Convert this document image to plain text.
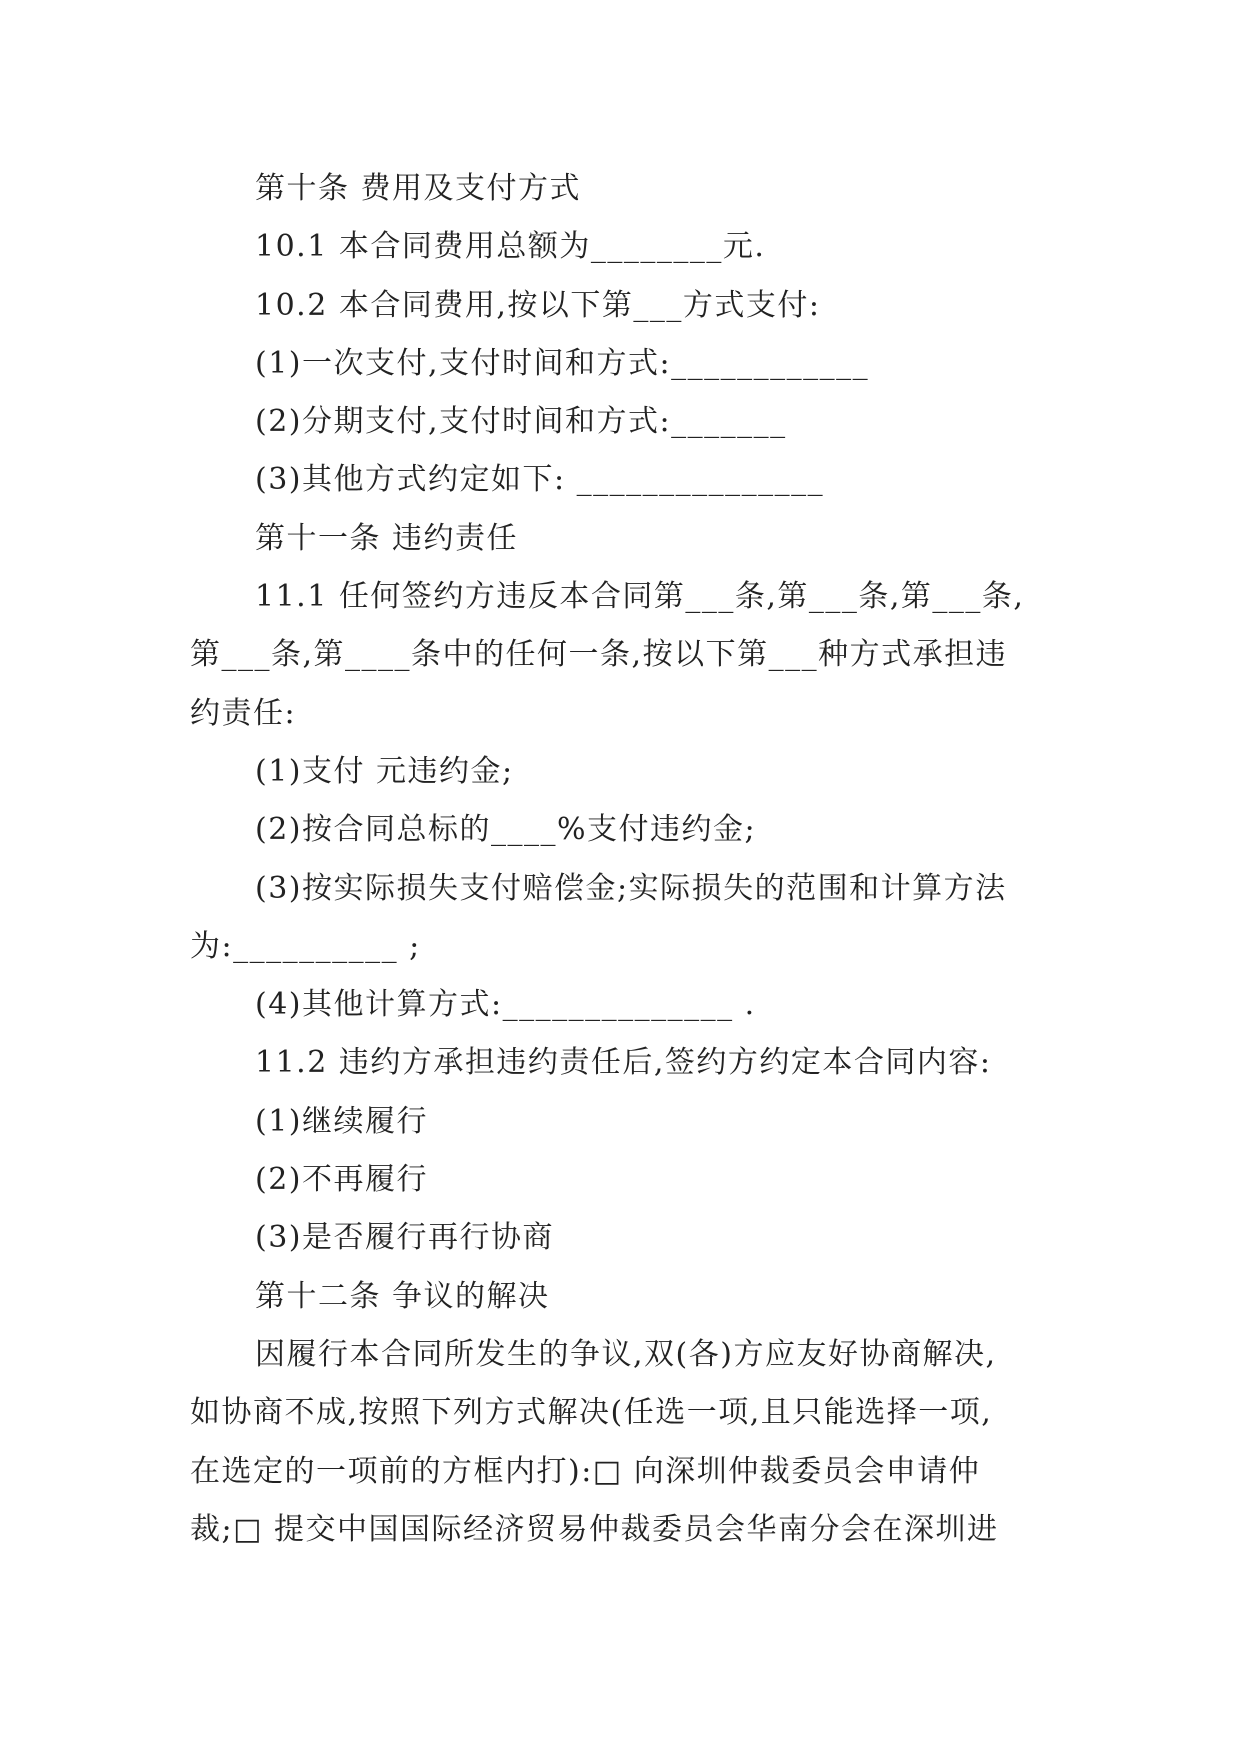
第十条 费用及支付方式
10.1 本合同费用总额为________元.
10.2 本合同费用,按以下第___方式支付:
(1)一次支付,支付时间和方式:____________
(2)分期支付,支付时间和方式:_______
(3)其他方式约定如下: _______________
第十一条 违约责任
11.1 任何签约方违反本合同第___条,第___条,第___条,
第___条,第____条中的任何一条,按以下第___种方式承担违
约责任:
(1)支付 元违约金;
(2)按合同总标的____%支付违约金;
(3)按实际损失支付赔偿金;实际损失的范围和计算方法
为:__________ ;
(4)其他计算方式:______________ .
11.2 违约方承担违约责任后,签约方约定本合同内容:
(1)继续履行
(2)不再履行
(3)是否履行再行协商
第十二条 争议的解决
因履行本合同所发生的争议,双(各)方应友好协商解决,
如协商不成,按照下列方式解决(任选一项,且只能选择一项,
在选定的一项前的方框内打):□ 向深圳仲裁委员会申请仲
裁;□ 提交中国国际经济贸易仲裁委员会华南分会在深圳进
